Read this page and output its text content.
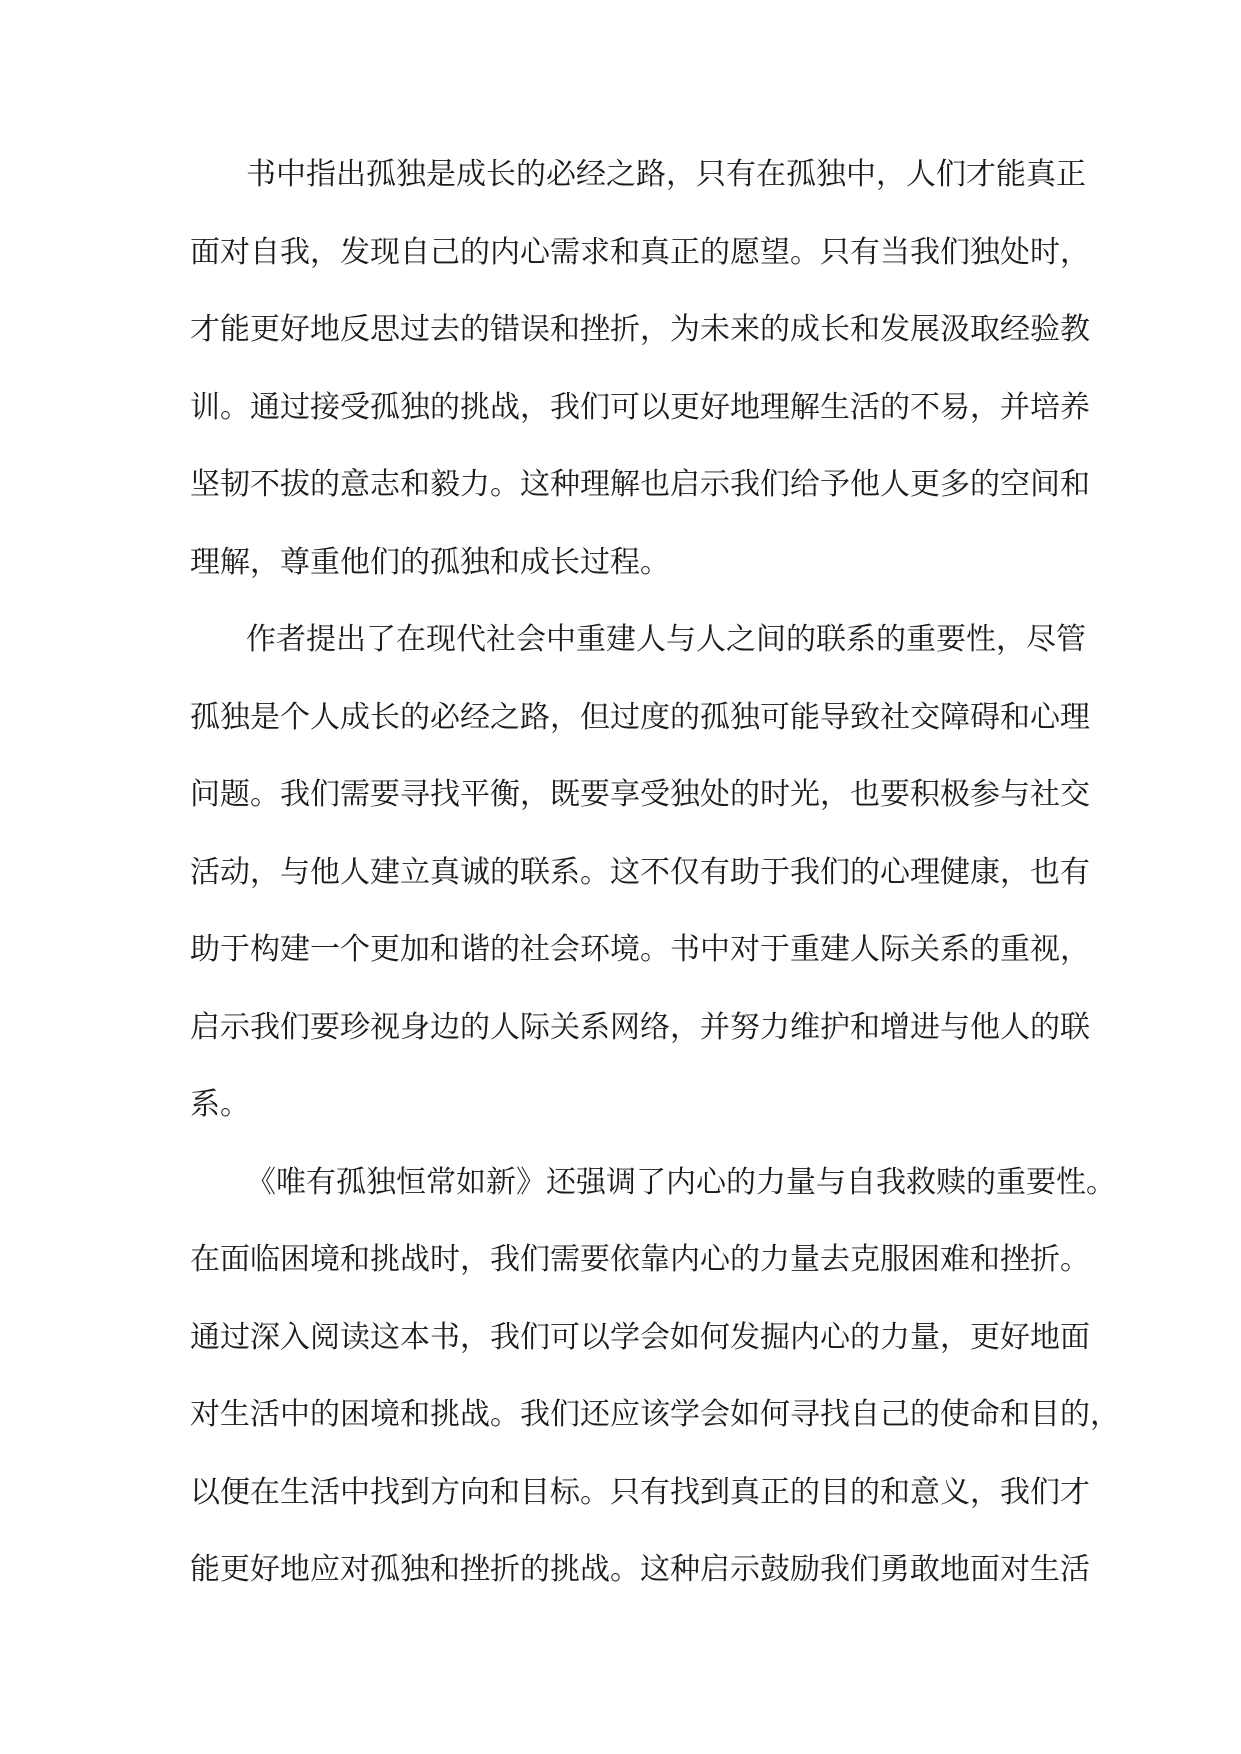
书中指出孤独是成长的必经之路，只有在孤独中，人们才能真正
面对自我，发现自己的内心需求和真正的愿望。只有当我们独处时，
才能更好地反思过去的错误和挫折，为未来的成长和发展汲取经验教
训。通过接受孤独的挑战，我们可以更好地理解生活的不易，并培养
坚韧不拔的意志和毅力。这种理解也启示我们给予他人更多的空间和
理解，尊重他们的孤独和成长过程。
作者提出了在现代社会中重建人与人之间的联系的重要性，尽管
孤独是个人成长的必经之路，但过度的孤独可能导致社交障碍和心理
问题。我们需要寻找平衡，既要享受独处的时光，也要积极参与社交
活动，与他人建立真诚的联系。这不仅有助于我们的心理健康，也有
助于构建一个更加和谐的社会环境。书中对于重建人际关系的重视，
启示我们要珍视身边的人际关系网络，并努力维护和增进与他人的联
系。
《唯有孤独恒常如新》还强调了内心的力量与自我救赎的重要性。
在面临困境和挑战时，我们需要依靠内心的力量去克服困难和挫折。
通过深入阅读这本书，我们可以学会如何发掘内心的力量，更好地面
对生活中的困境和挑战。我们还应该学会如何寻找自己的使命和目的，
以便在生活中找到方向和目标。只有找到真正的目的和意义，我们才
能更好地应对孤独和挫折的挑战。这种启示鼓励我们勇敢地面对生活
